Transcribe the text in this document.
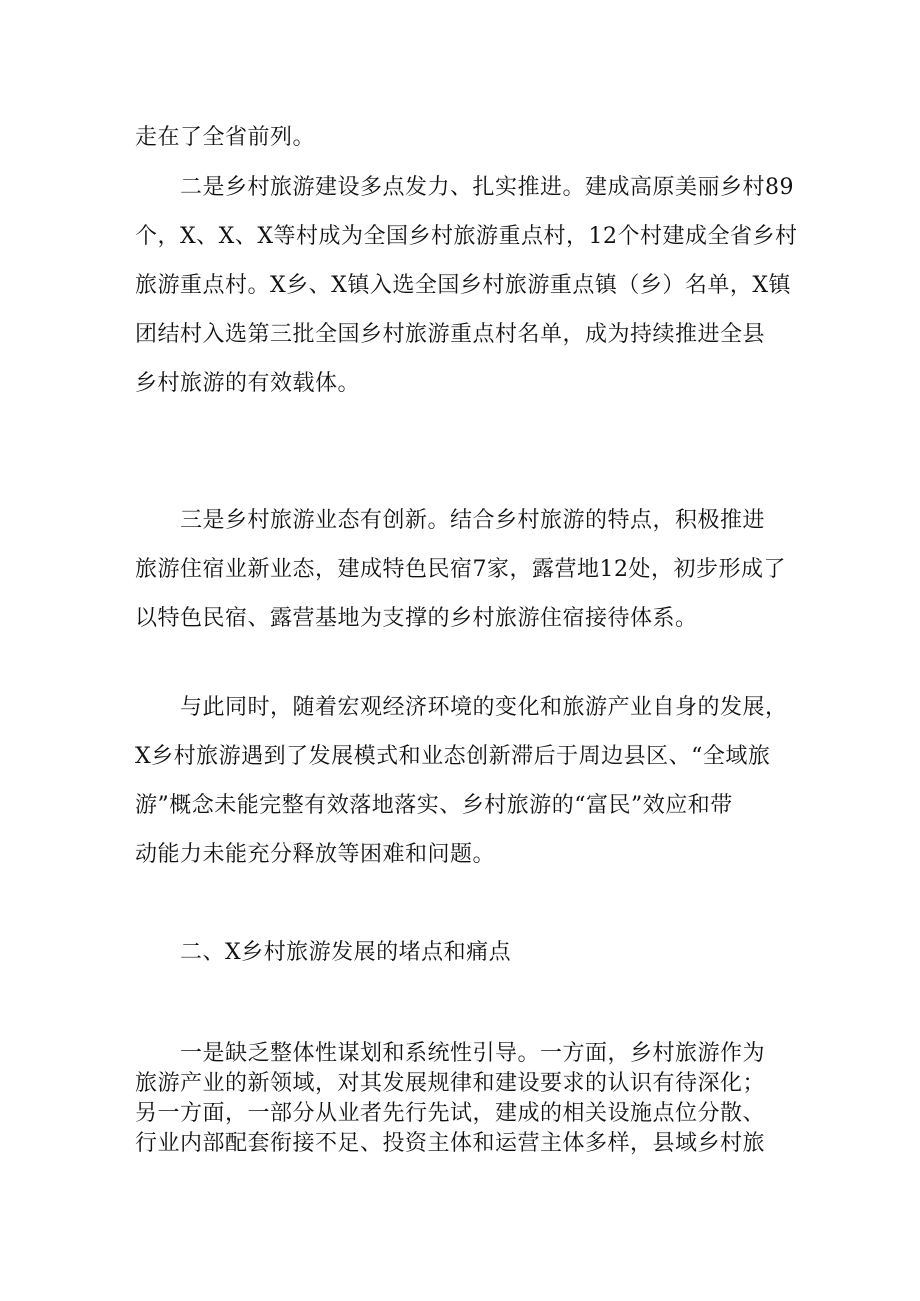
走在了全省前列。
　　二是乡村旅游建设多点发力、扎实推进。建成高原美丽乡村89
个，X、X、X等村成为全国乡村旅游重点村，12个村建成全省乡村
旅游重点村。X乡、X镇入选全国乡村旅游重点镇（乡）名单，X镇
团结村入选第三批全国乡村旅游重点村名单，成为持续推进全县
乡村旅游的有效载体。
　　三是乡村旅游业态有创新。结合乡村旅游的特点，积极推进
旅游住宿业新业态，建成特色民宿7家，露营地12处，初步形成了
以特色民宿、露营基地为支撑的乡村旅游住宿接待体系。
　　与此同时，随着宏观经济环境的变化和旅游产业自身的发展，
X乡村旅游遇到了发展模式和业态创新滞后于周边县区、“全域旅
游”概念未能完整有效落地落实、乡村旅游的“富民”效应和带
动能力未能充分释放等困难和问题。
　　二、X乡村旅游发展的堵点和痛点
　　一是缺乏整体性谋划和系统性引导。一方面，乡村旅游作为
旅游产业的新领域，对其发展规律和建设要求的认识有待深化；
另一方面，一部分从业者先行先试，建成的相关设施点位分散、
行业内部配套衔接不足、投资主体和运营主体多样，县域乡村旅
